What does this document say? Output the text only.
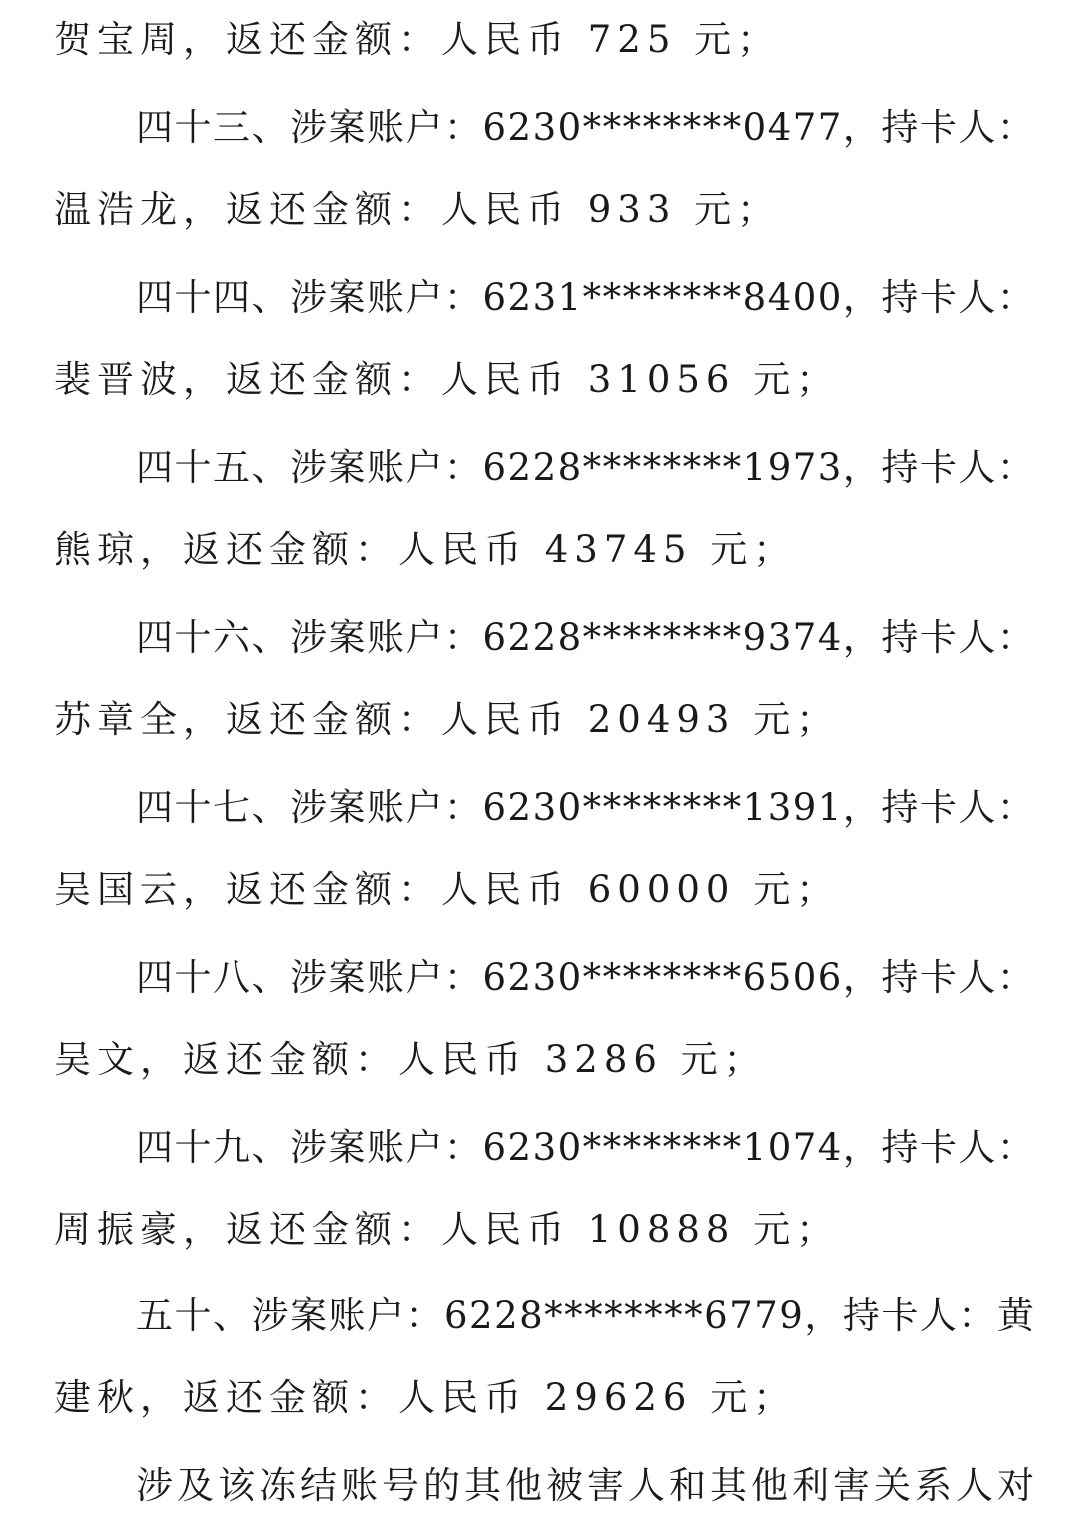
贺宝周，返还金额：人民币 725 元；
四十三、涉案账户：6230********0477，持卡人：
温浩龙，返还金额：人民币 933 元；
四十四、涉案账户：6231********8400，持卡人：
裴晋波，返还金额：人民币 31056 元；
四十五、涉案账户：6228********1973，持卡人：
熊琼，返还金额：人民币 43745 元；
四十六、涉案账户：6228********9374，持卡人：
苏章全，返还金额：人民币 20493 元；
四十七、涉案账户：6230********1391，持卡人：
吴国云，返还金额：人民币 60000 元；
四十八、涉案账户：6230********6506，持卡人：
吴文，返还金额：人民币 3286 元；
四十九、涉案账户：6230********1074，持卡人：
周振豪，返还金额：人民币 10888 元；
五十、涉案账户：6228********6779，持卡人：黄
建秋，返还金额：人民币 29626 元；
涉及该冻结账号的其他被害人和其他利害关系人对
